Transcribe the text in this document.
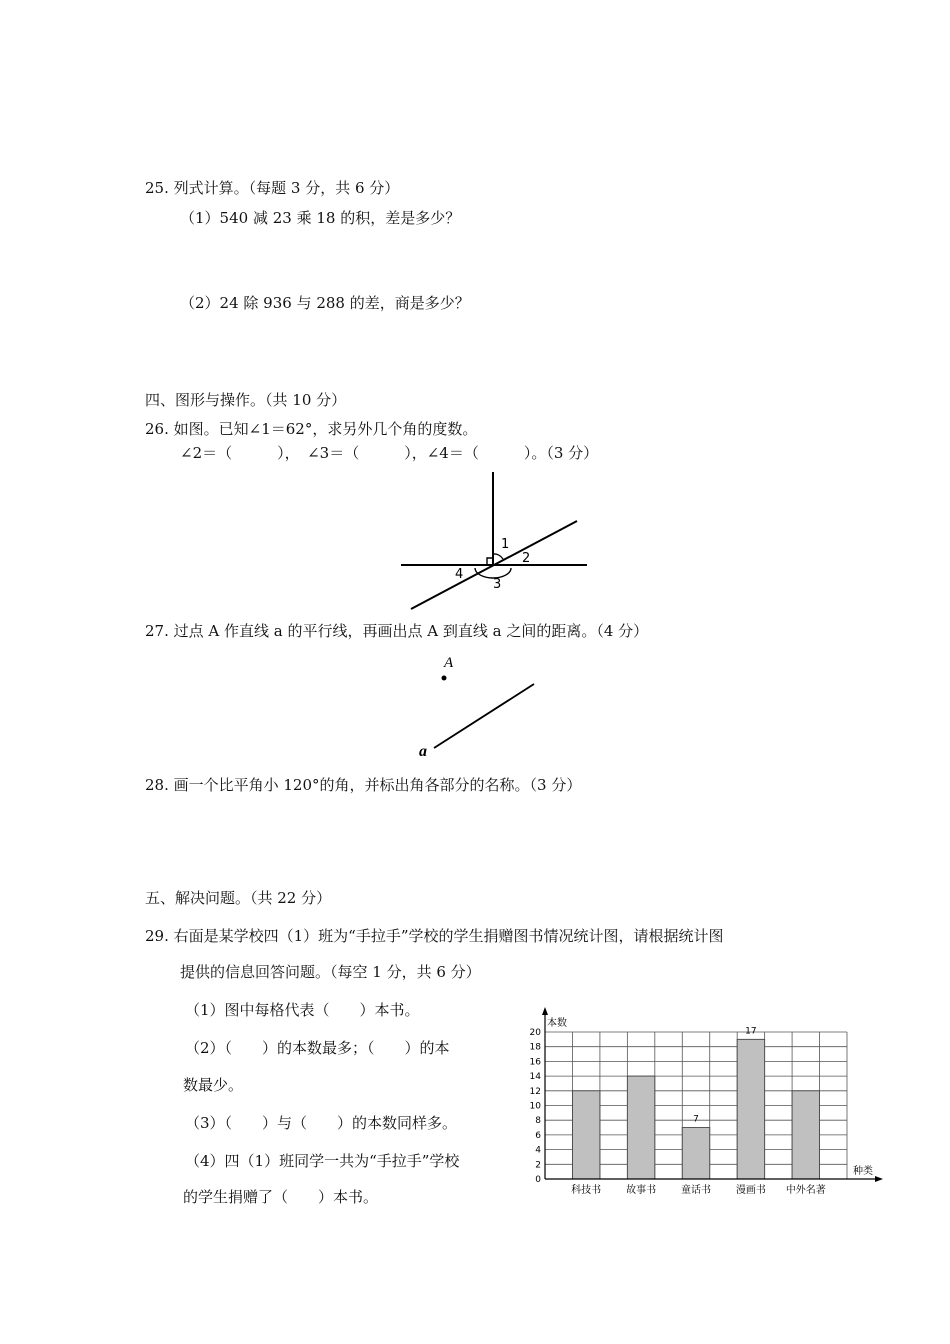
25. 列式计算。（每题 3 分，共 6 分）
（1）540 减 23 乘 18 的积，差是多少？
（2）24 除 936 与 288 的差，商是多少？
四、图形与操作。（共 10 分）
26. 如图。已知∠1＝62°，求另外几个角的度数。
∠2＝（　　　），　∠3＝（　　　），∠4＝（　　　）。（3 分）
1
2
3
4
27. 过点 A 作直线 a 的平行线，再画出点 A 到直线 a 之间的距离。（4 分）
A
a
28. 画一个比平角小 120°的角，并标出角各部分的名称。（3 分）
五、解决问题。（共 22 分）
29. 右面是某学校四（1）班为“手拉手”学校的学生捐赠图书情况统计图，请根据统计图
提供的信息回答问题。（每空 1 分，共 6 分）
（1）图中每格代表（　　）本书。
（2）（　　）的本数最多；（　　）的本
数最少。
（3）（　　）与（　　）的本数同样多。
（4）四（1）班同学一共为“手拉手”学校
的学生捐赠了（　　）本书。
0
2
4
6
8
10
12
14
16
18
20
科技书 故事书
7
童话书
17
漫画书 中外名著
本数
种类
